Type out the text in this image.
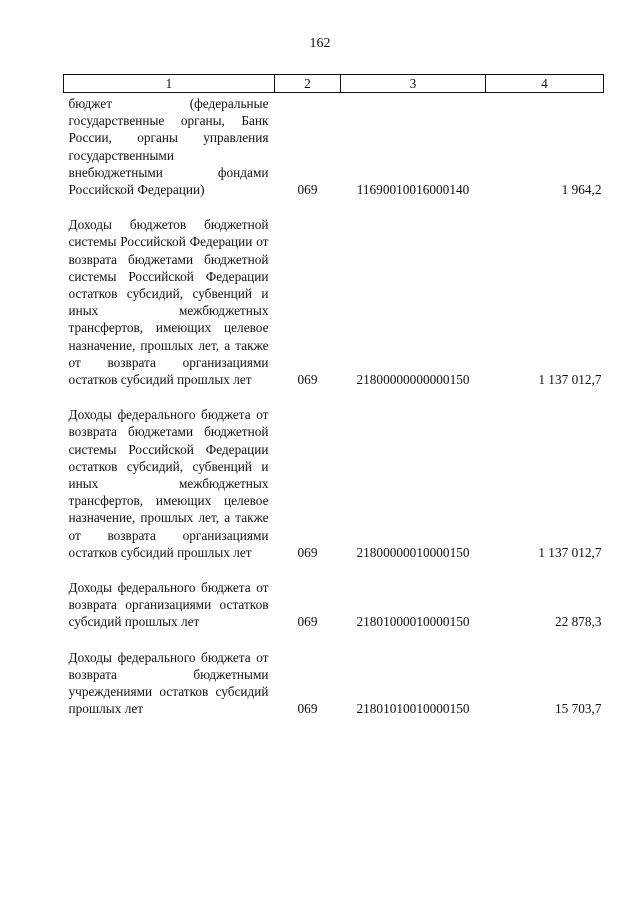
162
1	2	3	4
бюджет (федеральные государственные органы, Банк России, органы управления государственными внебюджетными фондами Российской Федерации)	069	11690010016000140	1 964,2
Доходы бюджетов бюджетной системы Российской Федерации от возврата бюджетами бюджетной системы Российской Федерации остатков субсидий, субвенций и иных межбюджетных трансфертов, имеющих целевое назначение, прошлых лет, а также от возврата организациями остатков субсидий прошлых лет	069	21800000000000150	1 137 012,7
Доходы федерального бюджета от возврата бюджетами бюджетной системы Российской Федерации остатков субсидий, субвенций и иных межбюджетных трансфертов, имеющих целевое назначение, прошлых лет, а также от возврата организациями остатков субсидий прошлых лет	069	21800000010000150	1 137 012,7
Доходы федерального бюджета от возврата организациями остатков субсидий прошлых лет	069	21801000010000150	22 878,3
Доходы федерального бюджета от возврата бюджетными учреждениями остатков субсидий прошлых лет	069	21801010010000150	15 703,7
